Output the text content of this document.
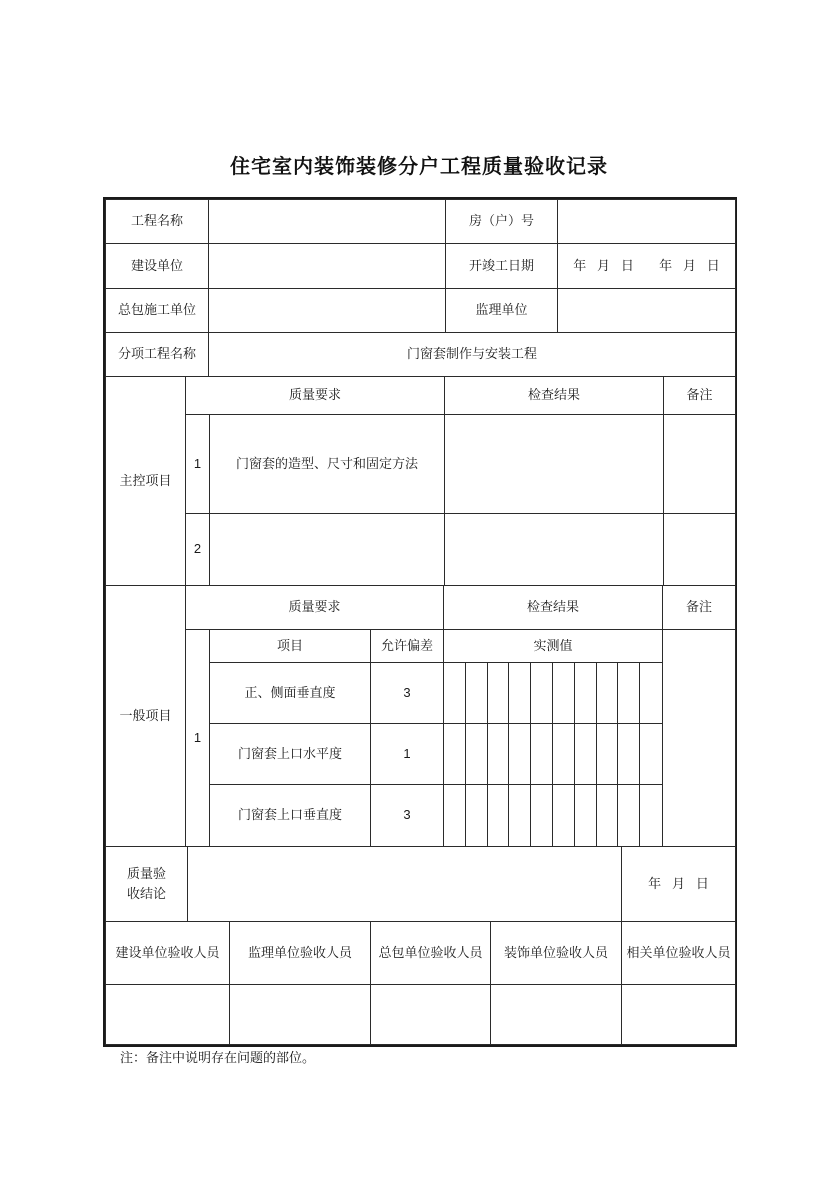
住宅室内装饰装修分户工程质量验收记录
工程名称		房（户）号	
建设单位		开竣工日期	年   月   日       年   月   日
总包施工单位		监理单位	
分项工程名称	门窗套制作与安装工程		
主控项目	质量要求		检查结果	备注
	1	门窗套的造型、尺寸和固定方法		
	2			
一般项目	质量要求			检查结果	备注
	1	项目	允许偏差	实测值	
		正、侧面垂直度	3		

		门窗套上口水平度	1		

		门窗套上口垂直度	3		
质量验收结论					年   月   日
建设单位验收人员		监理单位验收人员	总包单位验收人员	装饰单位验收人员	相关单位验收人员

注：备注中说明存在问题的部位。
